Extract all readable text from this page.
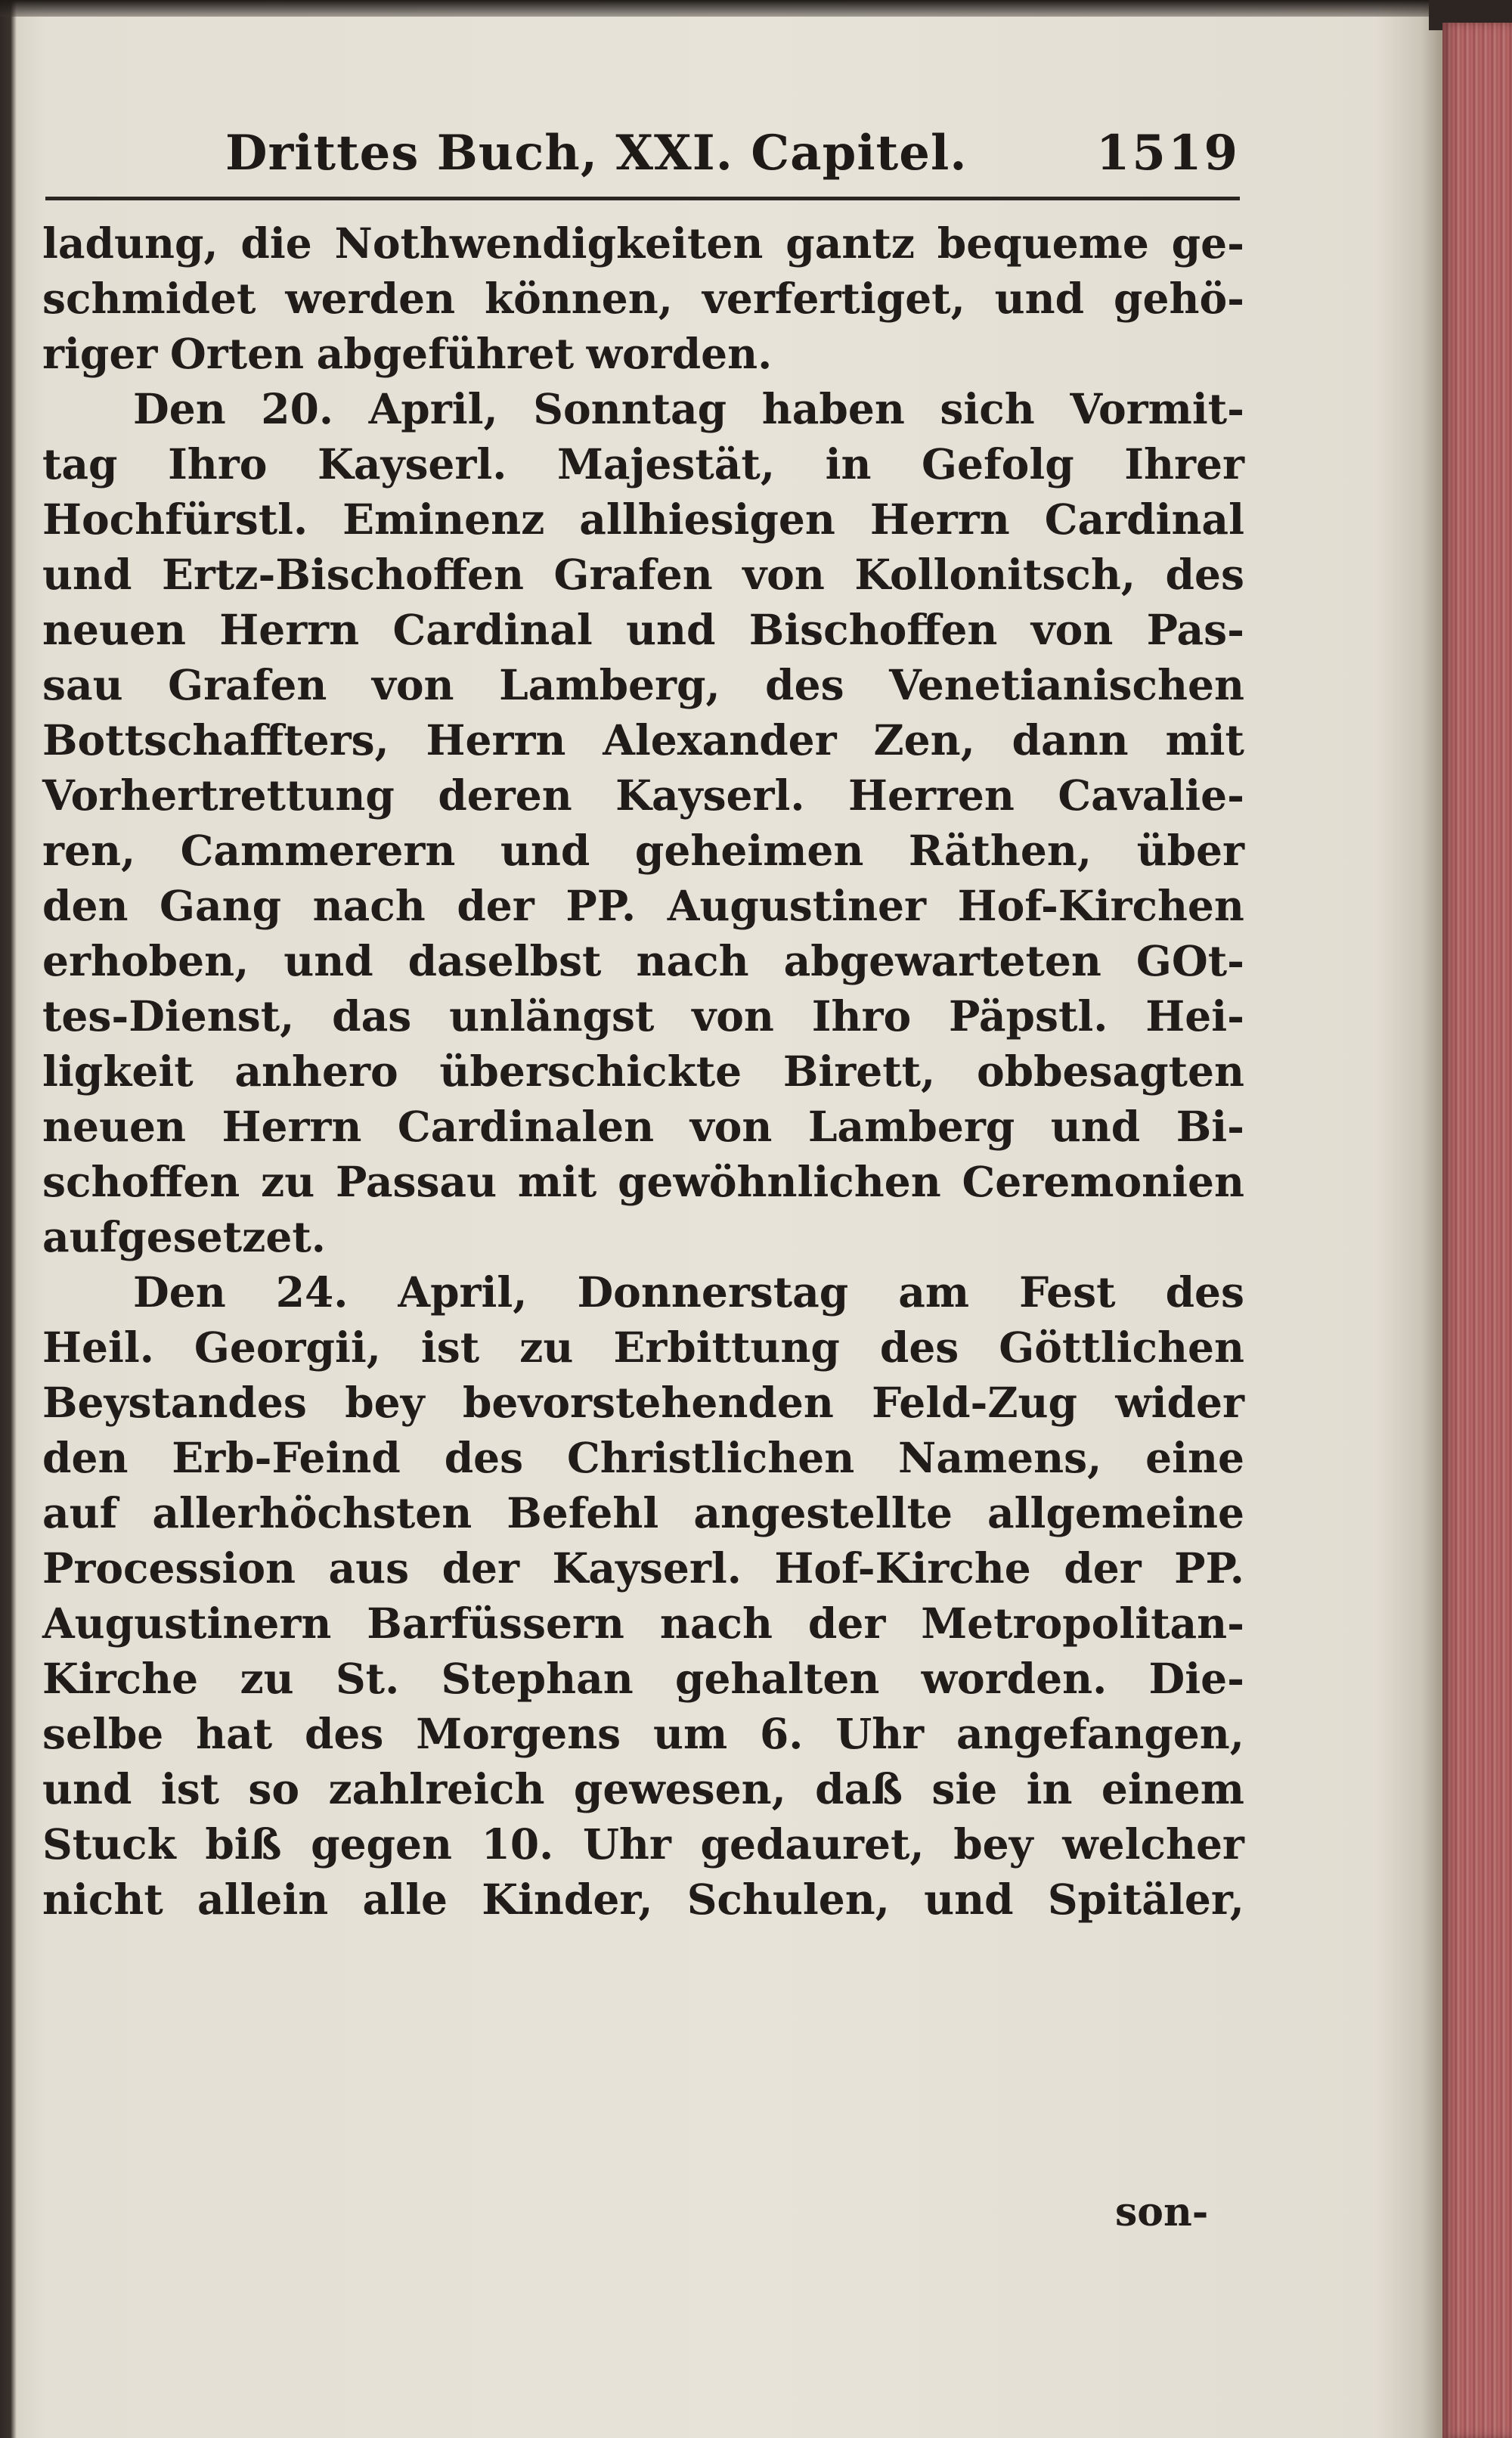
Drittes Buch, XXI. Capitel.	1519
ladung, die Nothwendigkeiten gantz bequeme ge-
schmidet werden können, verfertiget, und gehö-
riger Orten abgeführet worden.
Den 20. April, Sonntag haben sich Vormit-
tag Ihro Kayserl. Majestät, in Gefolg Ihrer
Hochfürstl. Eminenz allhiesigen Herrn Cardinal
und Ertz-Bischoffen Grafen von Kollonitsch, des
neuen Herrn Cardinal und Bischoffen von Pas-
sau Grafen von Lamberg, des Venetianischen
Bottschaffters, Herrn Alexander Zen, dann mit
Vorhertrettung deren Kayserl. Herren Cavalie-
ren, Cammerern und geheimen Räthen, über
den Gang nach der PP. Augustiner Hof-Kirchen
erhoben, und daselbst nach abgewarteten GOt-
tes-Dienst, das unlängst von Ihro Päpstl. Hei-
ligkeit anhero überschickte Birett, obbesagten
neuen Herrn Cardinalen von Lamberg und Bi-
schoffen zu Passau mit gewöhnlichen Ceremonien
aufgesetzet.
Den 24. April, Donnerstag am Fest des
Heil. Georgii, ist zu Erbittung des Göttlichen
Beystandes bey bevorstehenden Feld-Zug wider
den Erb-Feind des Christlichen Namens, eine
auf allerhöchsten Befehl angestellte allgemeine
Procession aus der Kayserl. Hof-Kirche der PP.
Augustinern Barfüssern nach der Metropolitan-
Kirche zu St. Stephan gehalten worden. Die-
selbe hat des Morgens um 6. Uhr angefangen,
und ist so zahlreich gewesen, daß sie in einem
Stuck biß gegen 10. Uhr gedauret, bey welcher
nicht allein alle Kinder, Schulen, und Spitäler,
son-
